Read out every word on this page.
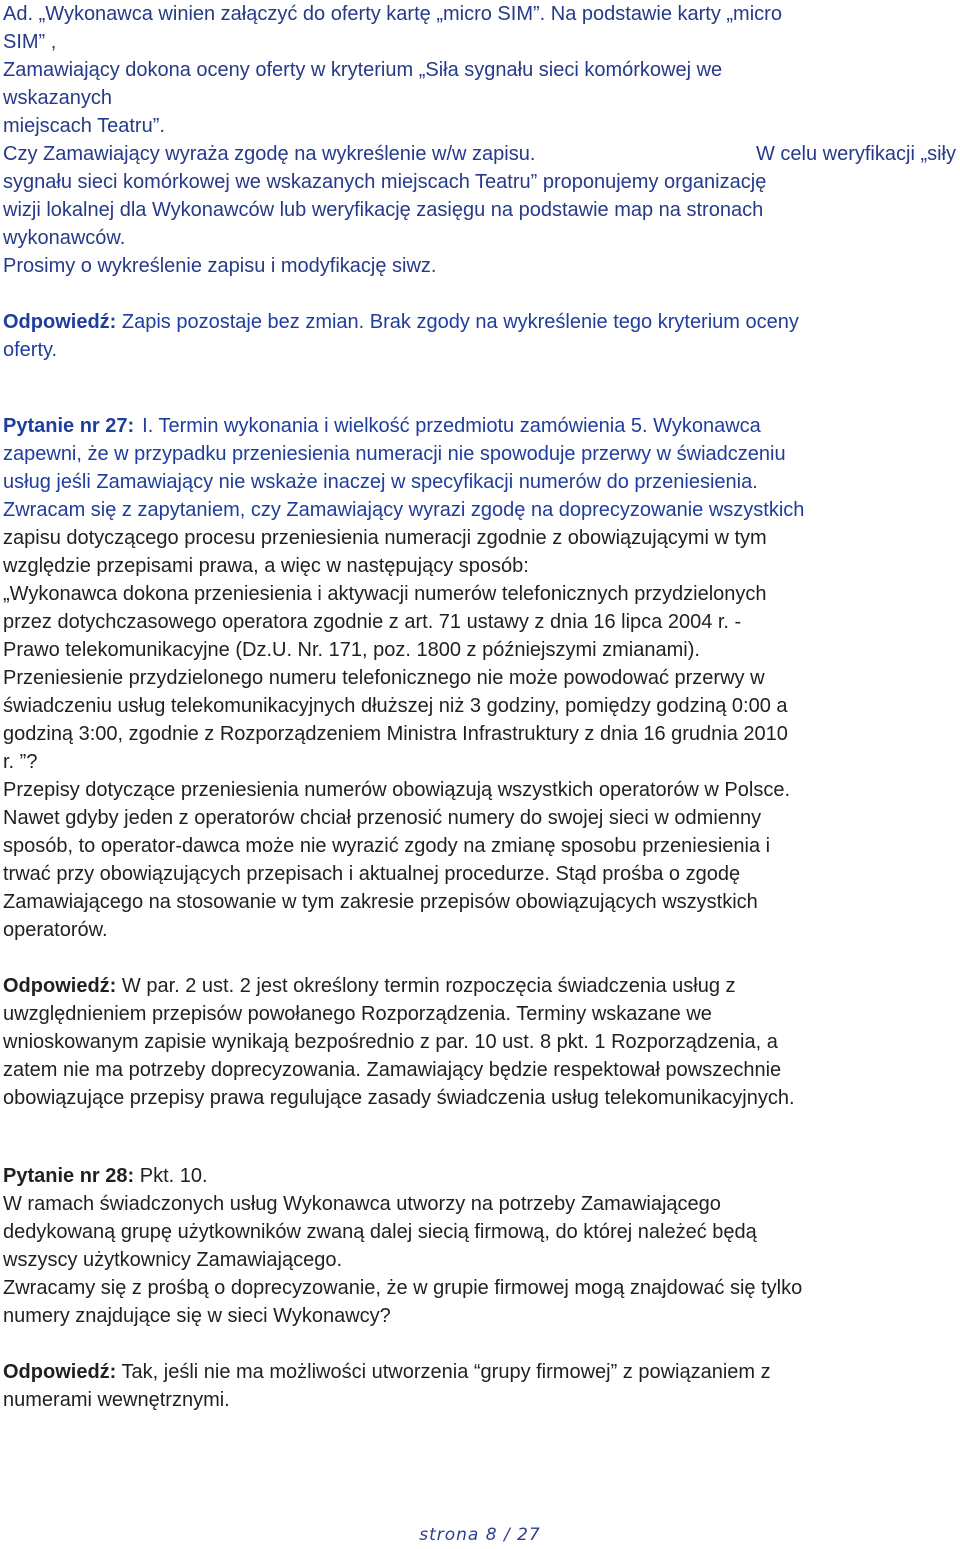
Ad. „Wykonawca winien załączyć do oferty kartę „micro SIM”. Na podstawie karty „micro
SIM” ,
Zamawiający dokona oceny oferty w kryterium „Siła sygnału sieci komórkowej we
wskazanych
miejscach Teatru”.
Czy Zamawiający wyraża zgodę na wykreślenie w/w zapisu.	W celu weryfikacji „siły
sygnału sieci komórkowej we wskazanych miejscach Teatru” proponujemy organizację
wizji lokalnej dla Wykonawców lub weryfikację zasięgu na podstawie map na stronach
wykonawców.
Prosimy o wykreślenie zapisu i modyfikację siwz.
Odpowiedź: Zapis pozostaje bez zmian. Brak zgody na wykreślenie tego kryterium oceny
oferty.
Pytanie nr 27: I. Termin wykonania i wielkość przedmiotu zamówienia 5. Wykonawca
zapewni, że w przypadku przeniesienia numeracji nie spowoduje przerwy w świadczeniu
usług jeśli Zamawiający nie wskaże inaczej w specyfikacji numerów do przeniesienia.
Zwracam się z zapytaniem, czy Zamawiający wyrazi zgodę na doprecyzowanie wszystkich
zapisu dotyczącego procesu przeniesienia numeracji zgodnie z obowiązującymi w tym
względzie przepisami prawa, a więc w następujący sposób:
„Wykonawca dokona przeniesienia i aktywacji numerów telefonicznych przydzielonych
przez dotychczasowego operatora zgodnie z art. 71 ustawy z dnia 16 lipca 2004 r. -
Prawo telekomunikacyjne (Dz.U. Nr. 171, poz. 1800 z późniejszymi zmianami).
Przeniesienie przydzielonego numeru telefonicznego nie może powodować przerwy w
świadczeniu usług telekomunikacyjnych dłuższej niż 3 godziny, pomiędzy godziną 0:00 a
godziną 3:00, zgodnie z Rozporządzeniem Ministra Infrastruktury z dnia 16 grudnia 2010
r. ”?
Przepisy dotyczące przeniesienia numerów obowiązują wszystkich operatorów w Polsce.
Nawet gdyby jeden z operatorów chciał przenosić numery do swojej sieci w odmienny
sposób, to operator-dawca może nie wyrazić zgody na zmianę sposobu przeniesienia i
trwać przy obowiązujących przepisach i aktualnej procedurze. Stąd prośba o zgodę
Zamawiającego na stosowanie w tym zakresie przepisów obowiązujących wszystkich
operatorów.
Odpowiedź: W par. 2 ust. 2 jest określony termin rozpoczęcia świadczenia usług z
uwzględnieniem przepisów powołanego Rozporządzenia. Terminy wskazane we
wnioskowanym zapisie wynikają bezpośrednio z par. 10 ust. 8 pkt. 1 Rozporządzenia, a
zatem nie ma potrzeby doprecyzowania. Zamawiający będzie respektował powszechnie
obowiązujące przepisy prawa regulujące zasady świadczenia usług telekomunikacyjnych.
Pytanie nr 28: Pkt. 10.
W ramach świadczonych usług Wykonawca utworzy na potrzeby Zamawiającego
dedykowaną grupę użytkowników zwaną dalej siecią firmową, do której należeć będą
wszyscy użytkownicy Zamawiającego.
Zwracamy się z prośbą o doprecyzowanie, że w grupie firmowej mogą znajdować się tylko
numery znajdujące się w sieci Wykonawcy?
Odpowiedź: Tak, jeśli nie ma możliwości utworzenia “grupy firmowej” z powiązaniem z
numerami wewnętrznymi.
strona 8 / 27
